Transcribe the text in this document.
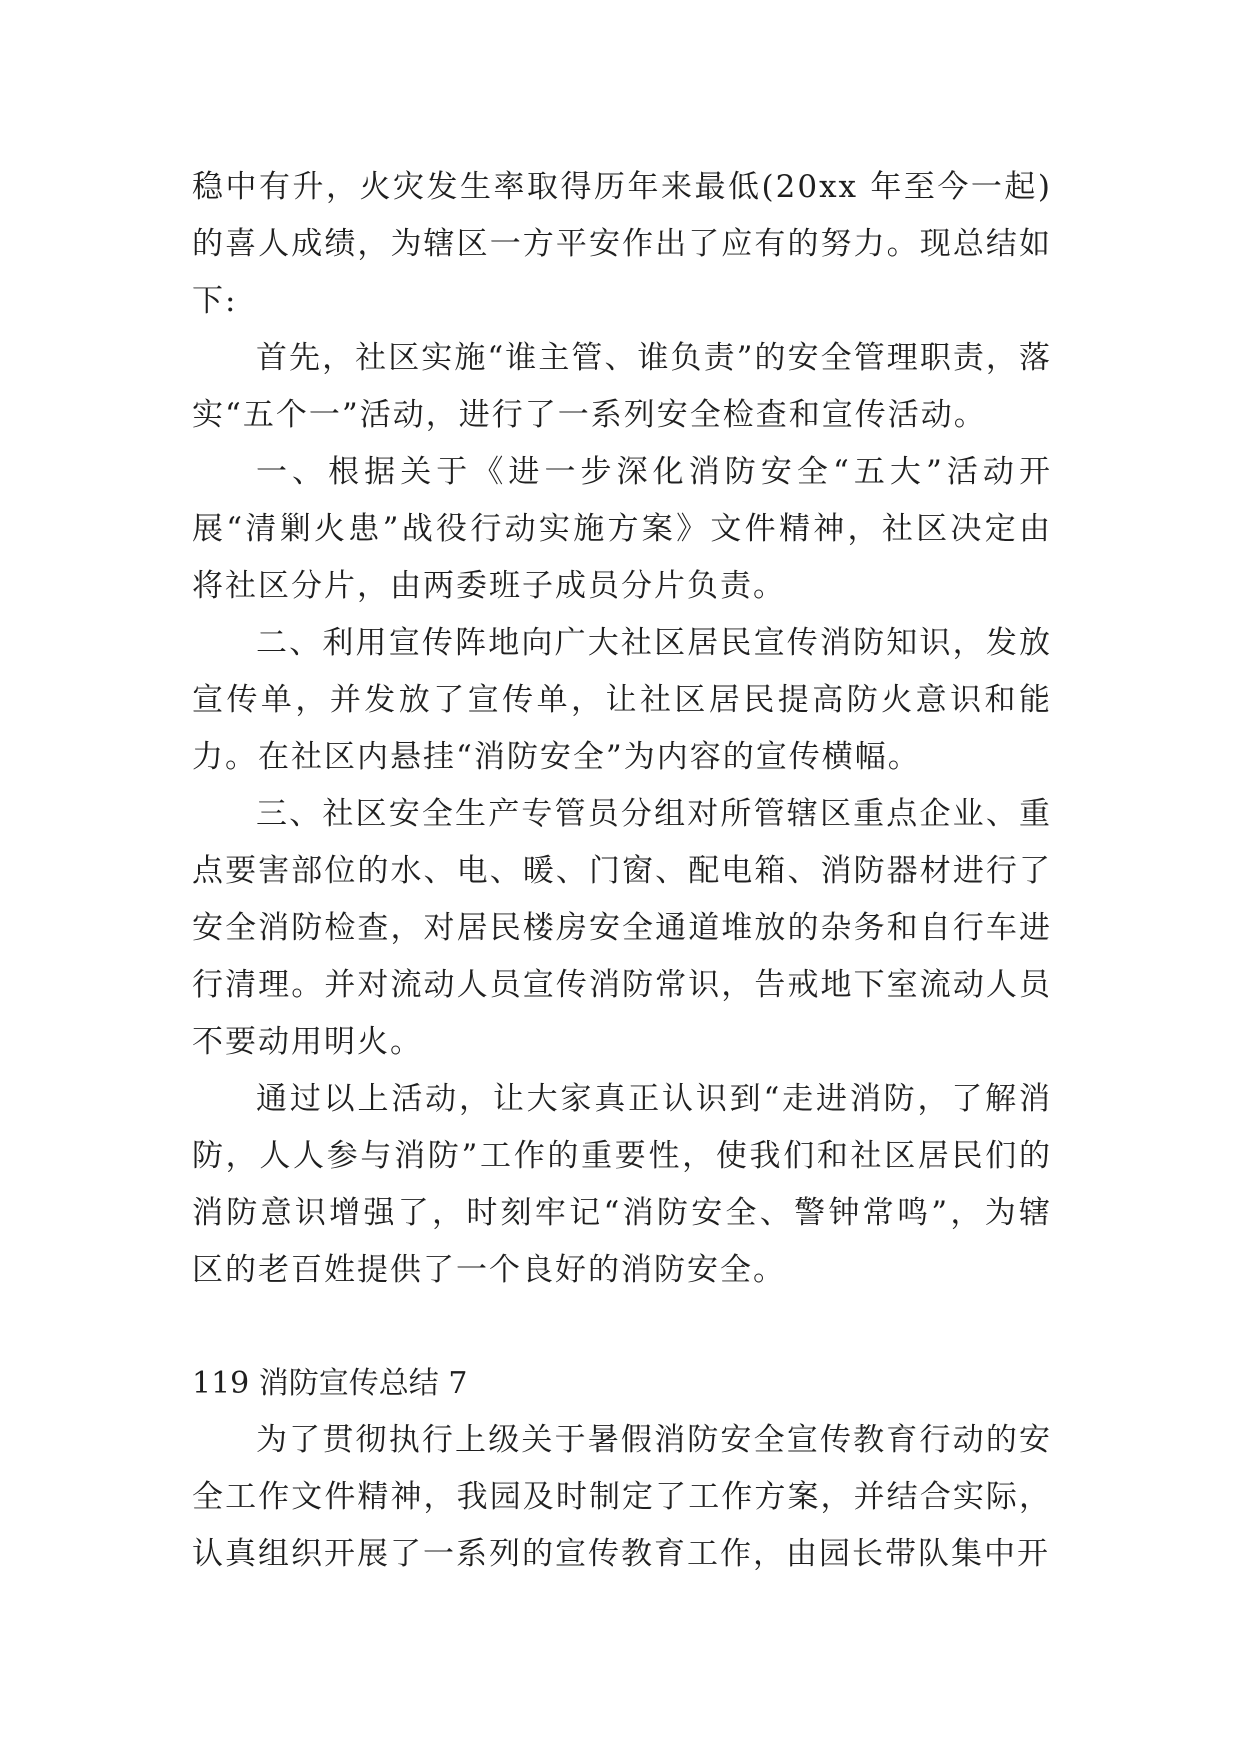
稳中有升，火灾发生率取得历年来最低(20xx 年至今一起)的喜人成绩，为辖区一方平安作出了应有的努力。现总结如下:

首先，社区实施“谁主管、谁负责”的安全管理职责，落实“五个一”活动，进行了一系列安全检查和宣传活动。

一、根据关于《进一步深化消防安全“五大”活动开展“清剿火患”战役行动实施方案》文件精神，社区决定由将社区分片，由两委班子成员分片负责。

二、利用宣传阵地向广大社区居民宣传消防知识，发放宣传单，并发放了宣传单，让社区居民提高防火意识和能力。在社区内悬挂“消防安全”为内容的宣传横幅。

三、社区安全生产专管员分组对所管辖区重点企业、重点要害部位的水、电、暖、门窗、配电箱、消防器材进行了安全消防检查，对居民楼房安全通道堆放的杂务和自行车进行清理。并对流动人员宣传消防常识，告戒地下室流动人员不要动用明火。

通过以上活动，让大家真正认识到“走进消防，了解消防，人人参与消防”工作的重要性，使我们和社区居民们的消防意识增强了，时刻牢记“消防安全、警钟常鸣”，为辖区的老百姓提供了一个良好的消防安全。

119 消防宣传总结 7

为了贯彻执行上级关于暑假消防安全宣传教育行动的安全工作文件精神，我园及时制定了工作方案，并结合实际，认真组织开展了一系列的宣传教育工作，由园长带队集中开
